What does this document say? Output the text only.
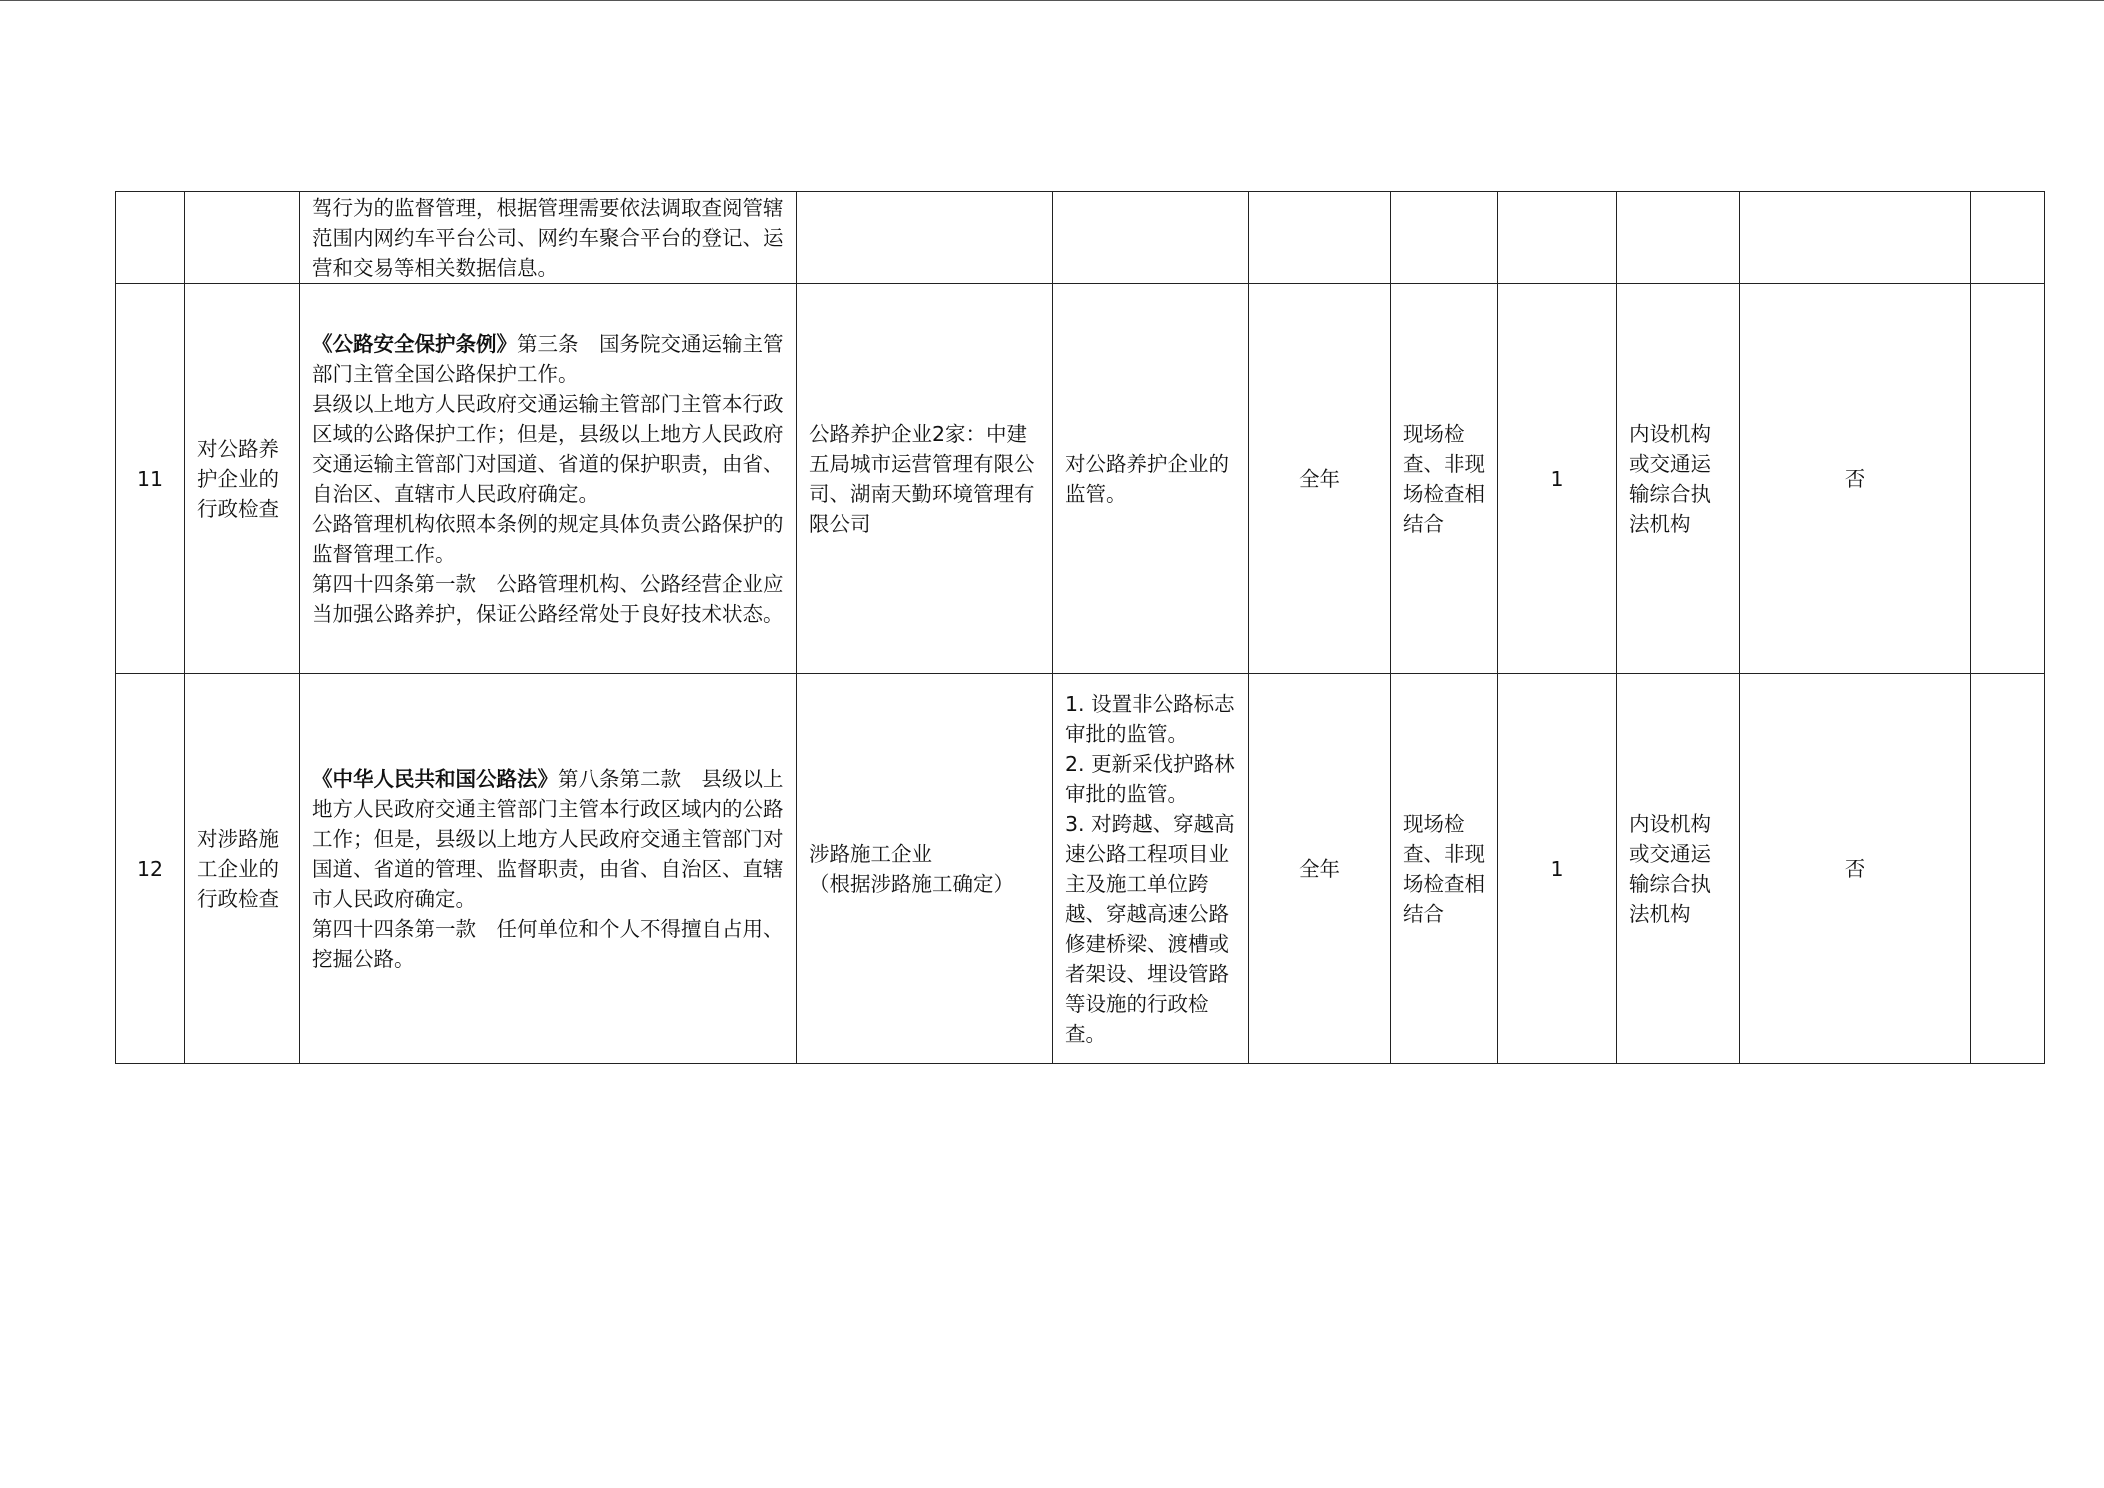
		驾行为的监督管理，根据管理需要依法调取查阅管辖范围内网约车平台公司、网约车聚合平台的登记、运营和交易等相关数据信息。								
11	对公路养护企业的行政检查	《公路安全保护条例》第三条　国务院交通运输主管部门主管全国公路保护工作。
县级以上地方人民政府交通运输主管部门主管本行政区域的公路保护工作；但是，县级以上地方人民政府交通运输主管部门对国道、省道的保护职责，由省、自治区、直辖市人民政府确定。
公路管理机构依照本条例的规定具体负责公路保护的监督管理工作。
第四十四条第一款　公路管理机构、公路经营企业应当加强公路养护，保证公路经常处于良好技术状态。	公路养护企业2家：中建五局城市运营管理有限公司、湖南天勤环境管理有限公司	对公路养护企业的监管。	全年	现场检查、非现场检查相结合	1	内设机构或交通运输综合执法机构	否	
12	对涉路施工企业的行政检查	《中华人民共和国公路法》第八条第二款　县级以上地方人民政府交通主管部门主管本行政区域内的公路工作；但是，县级以上地方人民政府交通主管部门对国道、省道的管理、监督职责，由省、自治区、直辖市人民政府确定。
第四十四条第一款　任何单位和个人不得擅自占用、挖掘公路。	涉路施工企业
（根据涉路施工确定）	1. 设置非公路标志审批的监管。
2. 更新采伐护路林审批的监管。
3. 对跨越、穿越高速公路工程项目业主及施工单位跨越、穿越高速公路修建桥梁、渡槽或者架设、埋设管路等设施的行政检查。	全年	现场检查、非现场检查相结合	1	内设机构或交通运输综合执法机构	否	
